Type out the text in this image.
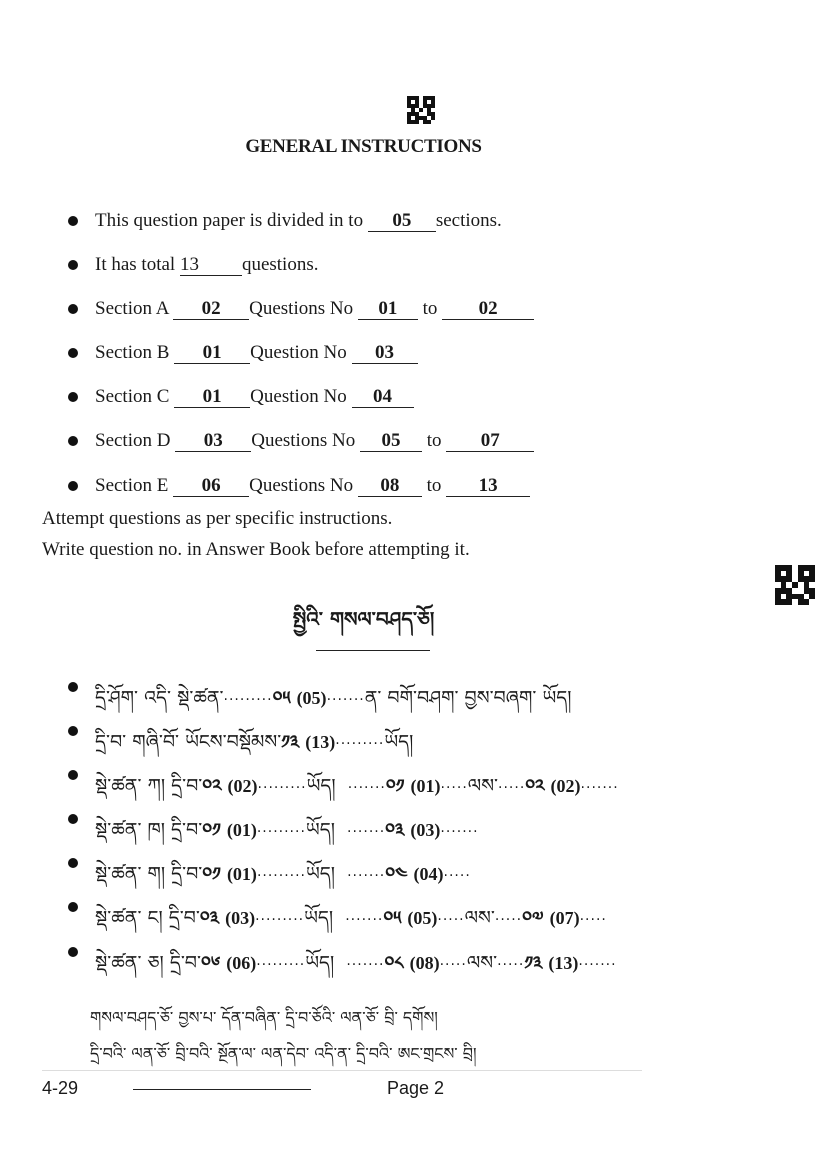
GENERAL INSTRUCTIONS
This question paper is divided in to 05 sections.
It has total 13 questions.
Section A 02 Questions No 01 to 02
Section B 01 Question No 03
Section C 01 Question No 04
Section D 03 Questions No 05 to 07
Section E 06 Questions No 08 to 13
Attempt questions as per specific instructions.
Write question no. in Answer Book before attempting it.
སྤྱིའི་ གསལ་བཤད་ཅོ།
དྲི་ཤོག་ འདི་ སྡེ་ཚན་·········༠༥ (05)·······ན་ བགོ་བཤག་ བྱས་བཞག་ ཡོད།
དྲི་བ་ གཞི་བོ་ ཡོངས་བསྡོམས་༡༣ (13)·········ཡོད།
སྡེ་ཚན་ ཀ། དྲི་བ་༠༢ (02)·········ཡོད། ·······༠༡ (01)·····ལས་·····༠༢ (02)·······
སྡེ་ཚན་ ཁ། དྲི་བ་༠༡ (01)·········ཡོད། ·······༠༣ (03)·······
སྡེ་ཚན་ ག། དྲི་བ་༠༡ (01)·········ཡོད། ·······༠༤ (04)·····
སྡེ་ཚན་ ང། དྲི་བ་༠༣ (03)·········ཡོད། ·······༠༥ (05)·····ལས་·····༠༧ (07)·····
སྡེ་ཚན་ ཅ། དྲི་བ་༠༦ (06)·········ཡོད། ·······༠༨ (08)·····ལས་·····༡༣ (13)·······
གསལ་བཤད་ཅོ་ བྱས་པ་ དོན་བཞིན་ དྲི་བ་ཅོའི་ ལན་ཅོ་ བྲི་ དགོས།
དྲི་བའི་ ལན་ཅོ་ བྲི་བའི་ སྔོན་ལ་ ལན་དེབ་ འདི་ན་ དྲི་བའི་ ཨང་གྲངས་ བྲི།
4-29	Page 2
